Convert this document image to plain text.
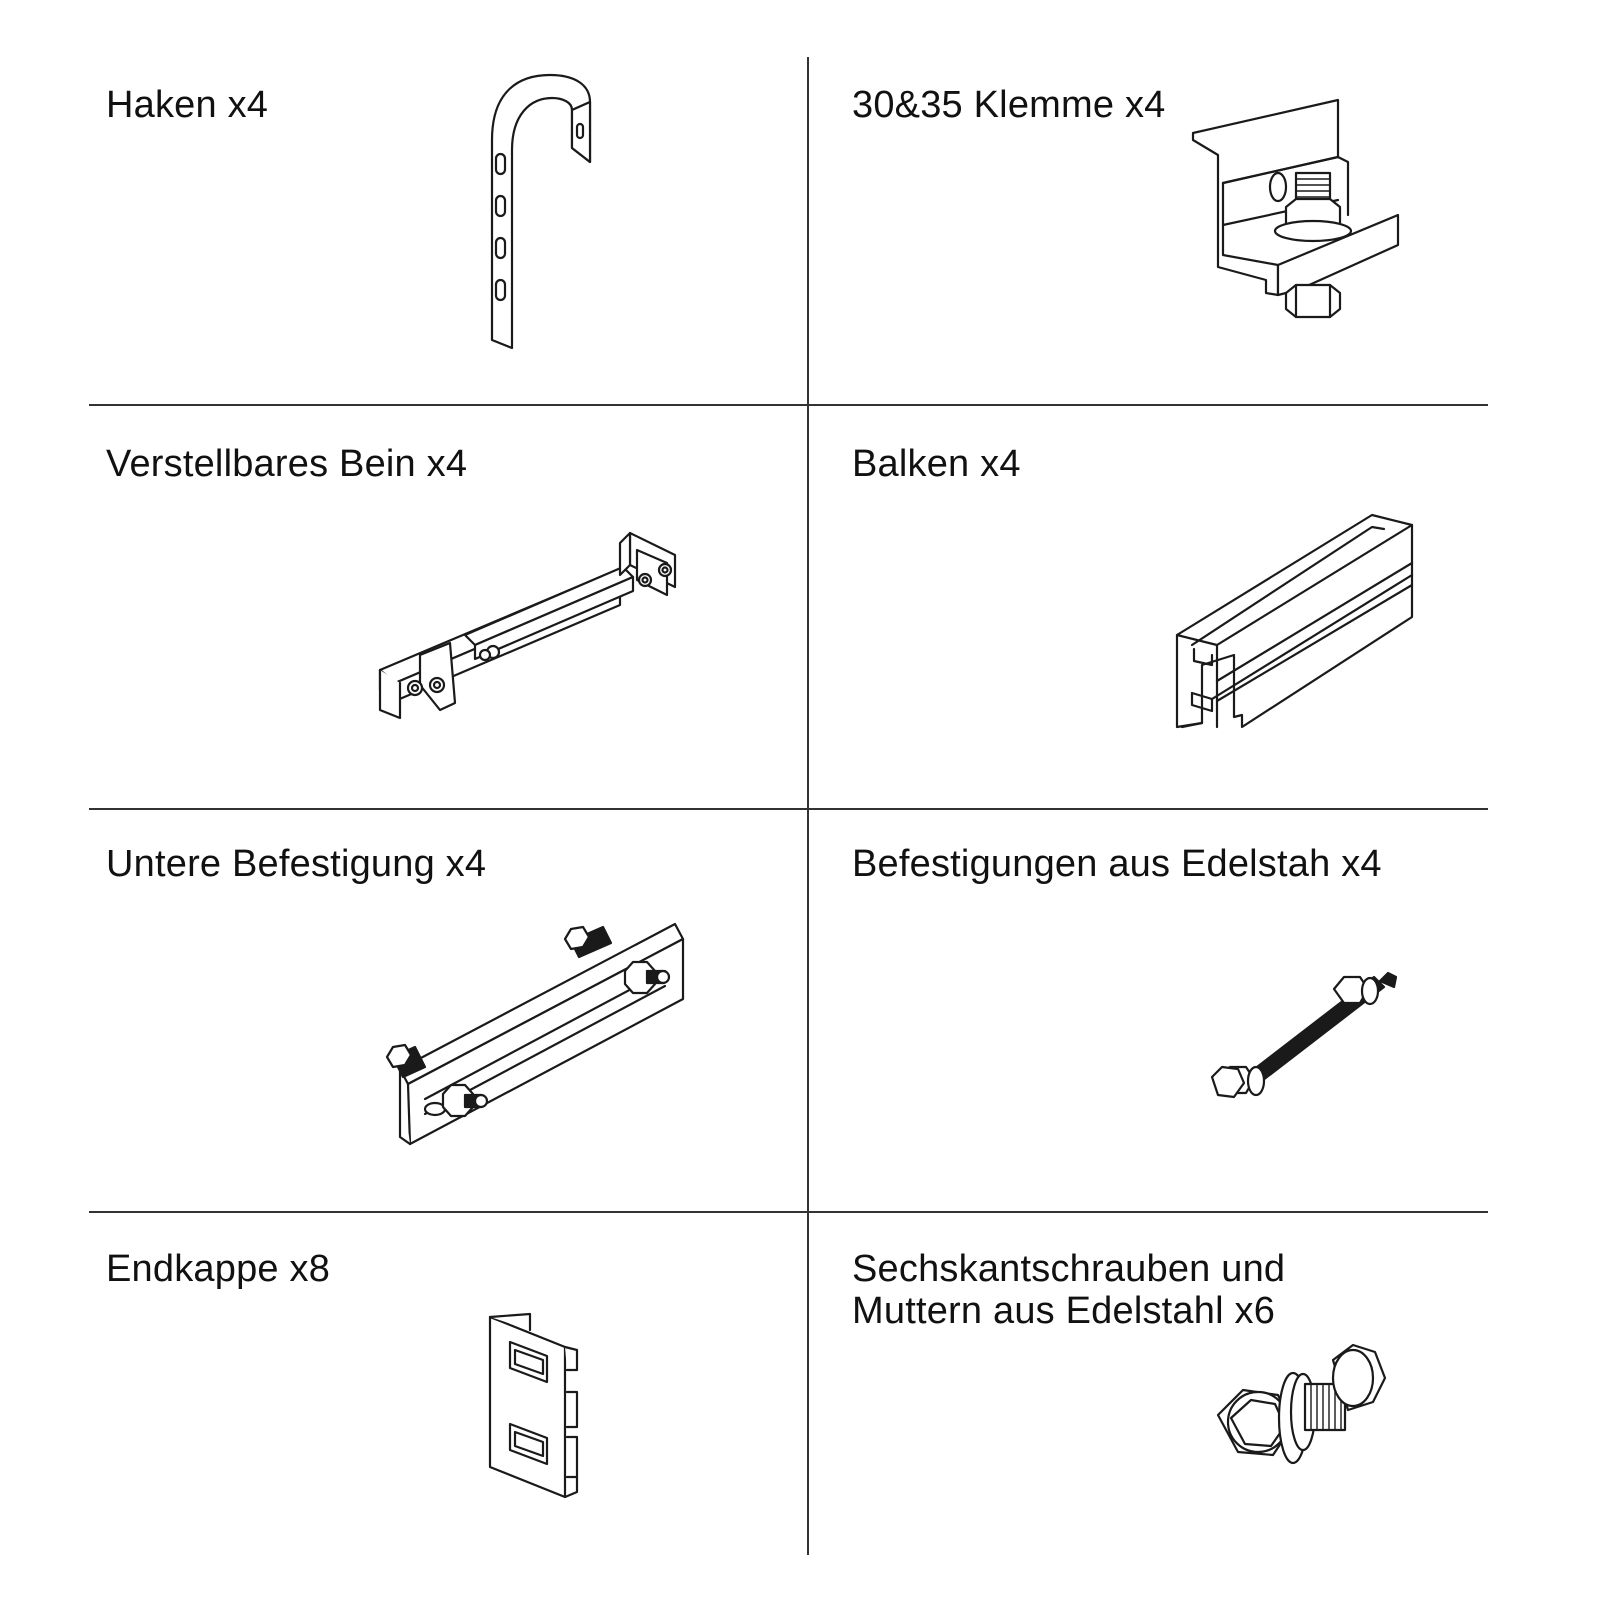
Haken x4	30&35 Klemme x4

Verstellbares Bein x4	Balken x4

Untere Befestigung x4	Befestigungen aus Edelstah x4

Endkappe x8	Sechskantschrauben und
Muttern aus Edelstahl x6
